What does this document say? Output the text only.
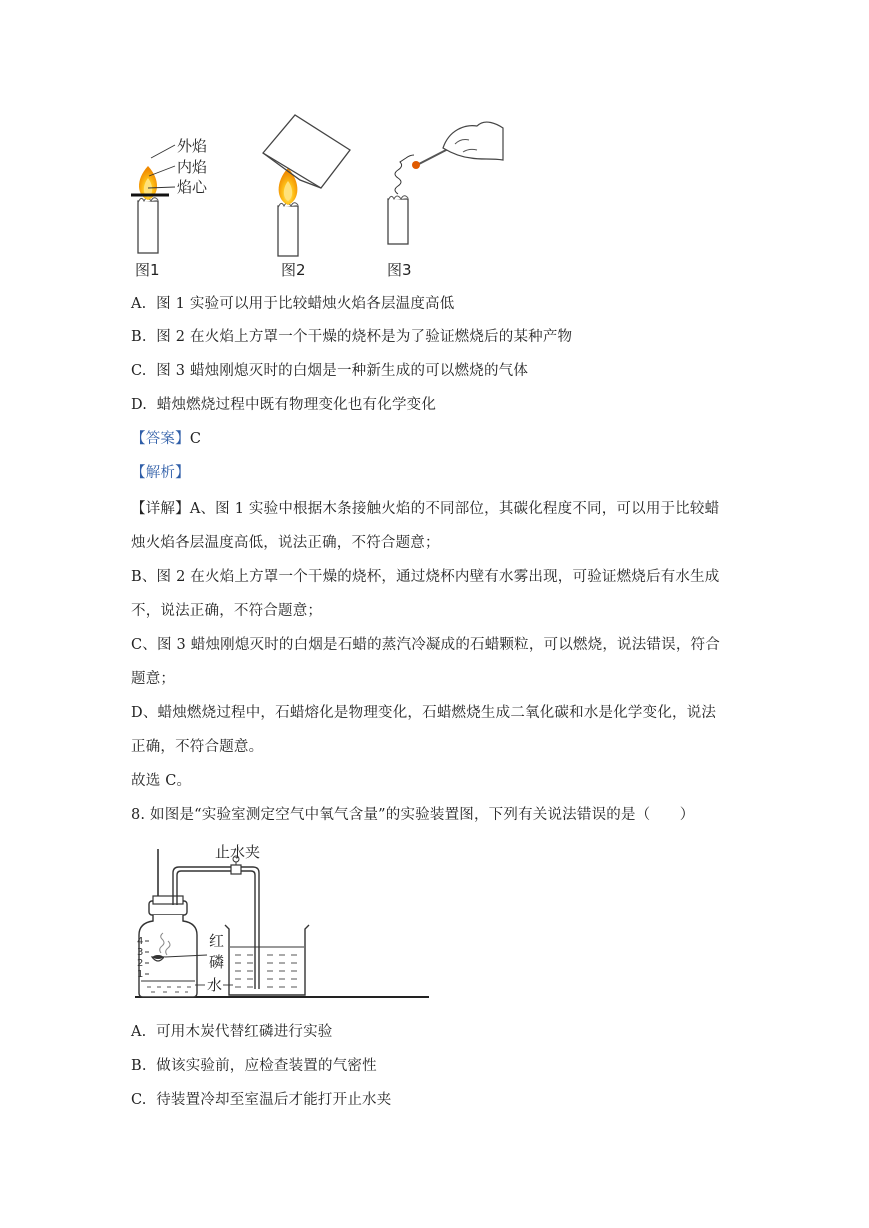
外焰
内焰
焰心
图1	图2	图3
A. 图 1 实验可以用于比较蜡烛火焰各层温度高低
B. 图 2 在火焰上方罩一个干燥的烧杯是为了验证燃烧后的某种产物
C. 图 3 蜡烛刚熄灭时的白烟是一种新生成的可以燃烧的气体
D. 蜡烛燃烧过程中既有物理变化也有化学变化
【答案】C
【解析】
【详解】A、图 1 实验中根据木条接触火焰的不同部位，其碳化程度不同，可以用于比较蜡
烛火焰各层温度高低，说法正确，不符合题意；
B、图 2 在火焰上方罩一个干燥的烧杯，通过烧杯内壁有水雾出现，可验证燃烧后有水生成
不，说法正确，不符合题意；
C、图 3 蜡烛刚熄灭时的白烟是石蜡的蒸汽冷凝成的石蜡颗粒，可以燃烧，说法错误，符合
题意；
D、蜡烛燃烧过程中，石蜡熔化是物理变化，石蜡燃烧生成二氧化碳和水是化学变化，说法
正确，不符合题意。
故选 C。
8. 如图是“实验室测定空气中氧气含量”的实验装置图，下列有关说法错误的是（　　）
4
3
2
1
止水夹
红
磷
水
A. 可用木炭代替红磷进行实验
B. 做该实验前，应检查装置的气密性
C. 待装置冷却至室温后才能打开止水夹
